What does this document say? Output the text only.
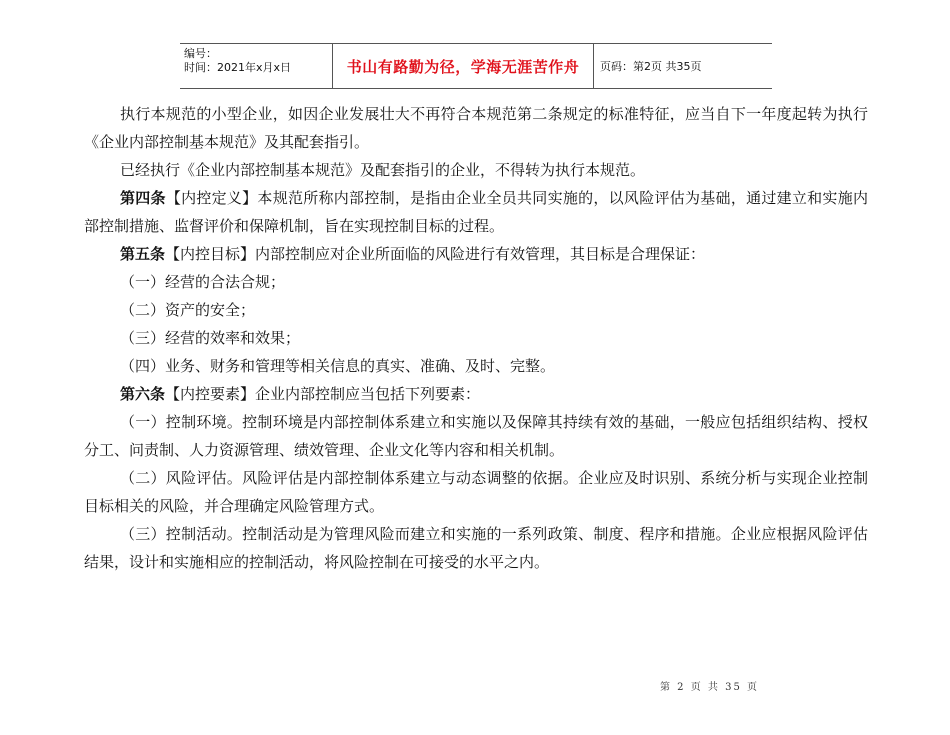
编号：
时间：2021年x月x日	书山有路勤为径，学海无涯苦作舟 页码：第2页 共35页

执行本规范的小型企业，如因企业发展壮大不再符合本规范第二条规定的标准特征，应当自下一年度起转为执行《企业内部控制基本规范》及其配套指引。

已经执行《企业内部控制基本规范》及配套指引的企业，不得转为执行本规范。

第四条【内控定义】本规范所称内部控制，是指由企业全员共同实施的，以风险评估为基础，通过建立和实施内部控制措施、监督评价和保障机制，旨在实现控制目标的过程。

第五条【内控目标】内部控制应对企业所面临的风险进行有效管理，其目标是合理保证：

（一）经营的合法合规；

（二）资产的安全；

（三）经营的效率和效果；

（四）业务、财务和管理等相关信息的真实、准确、及时、完整。

第六条【内控要素】企业内部控制应当包括下列要素：

（一）控制环境。控制环境是内部控制体系建立和实施以及保障其持续有效的基础，一般应包括组织结构、授权分工、问责制、人力资源管理、绩效管理、企业文化等内容和相关机制。

（二）风险评估。风险评估是内部控制体系建立与动态调整的依据。企业应及时识别、系统分析与实现企业控制目标相关的风险，并合理确定风险管理方式。

（三）控制活动。控制活动是为管理风险而建立和实施的一系列政策、制度、程序和措施。企业应根据风险评估结果，设计和实施相应的控制活动，将风险控制在可接受的水平之内。

第 2 页 共 35 页
